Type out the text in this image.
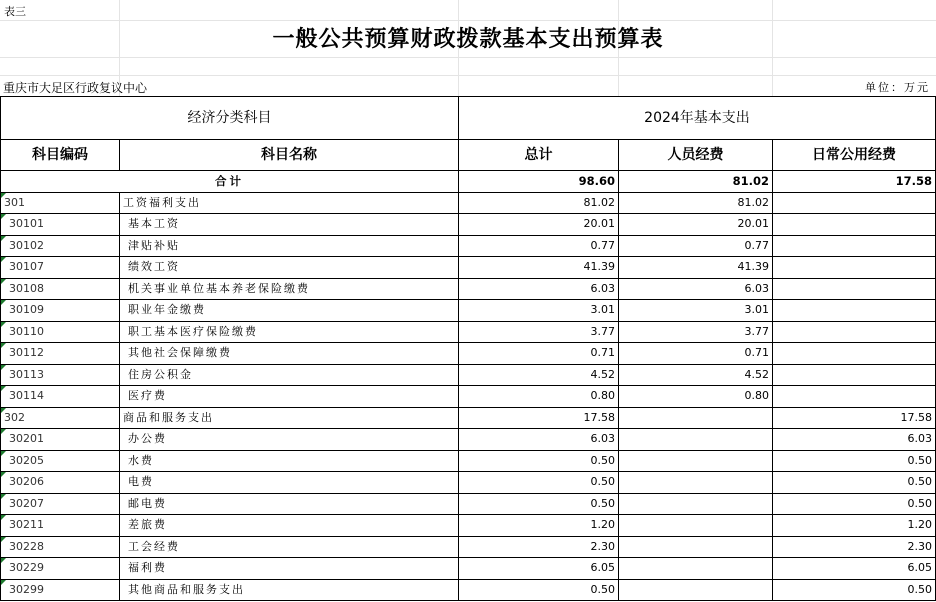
表三
一般公共预算财政拨款基本支出预算表
重庆市大足区行政复议中心	单位：万元
经济分类科目		2024年基本支出		
科目编码	科目名称	总计	人员经费	日常公用经费
合计		98.60	81.02	17.58
301	工资福利支出	81.02	81.02	
30101	基本工资	20.01	20.01	
30102	津贴补贴	0.77	0.77	
30107	绩效工资	41.39	41.39	
30108	机关事业单位基本养老保险缴费	6.03	6.03	
30109	职业年金缴费	3.01	3.01	
30110	职工基本医疗保险缴费	3.77	3.77	
30112	其他社会保障缴费	0.71	0.71	
30113	住房公积金	4.52	4.52	
30114	医疗费	0.80	0.80	
302	商品和服务支出	17.58		17.58
30201	办公费	6.03		6.03
30205	水费	0.50		0.50
30206	电费	0.50		0.50
30207	邮电费	0.50		0.50
30211	差旅费	1.20		1.20
30228	工会经费	2.30		2.30
30229	福利费	6.05		6.05
30299	其他商品和服务支出	0.50		0.50
